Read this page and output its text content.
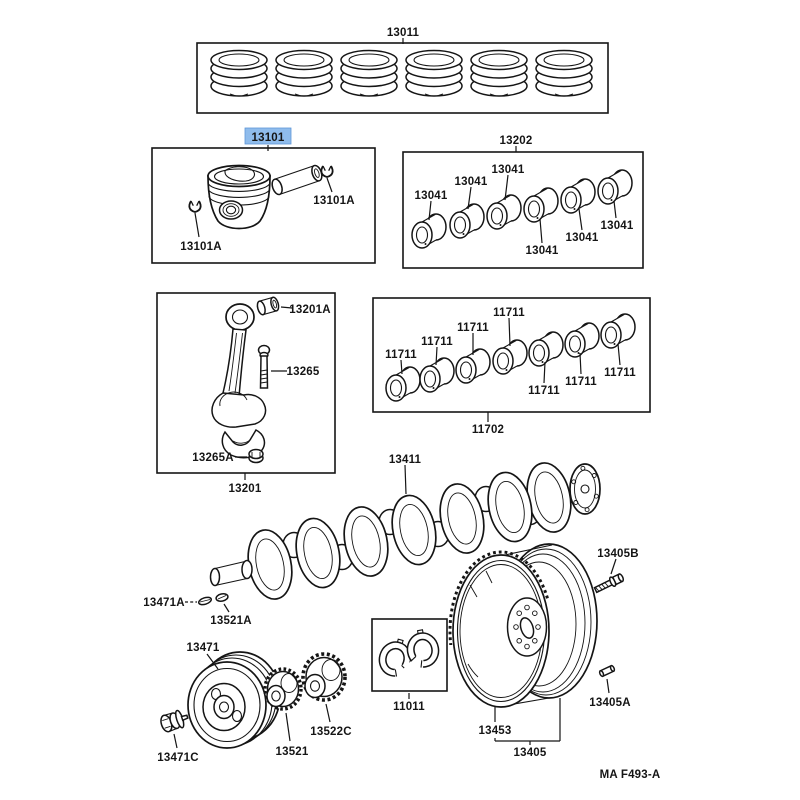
13011
13101
13101A
13101A
13202
13041
13041
13041
13041
13041
13041
13201A
13265
13265A
13201
11711
11711
11711
11711
11711
11711
11711
11702
13411
13405B
13471A
13521A
13471
13471C	13521
13522C
11011
13453
13405
13405A
MA F493-A
